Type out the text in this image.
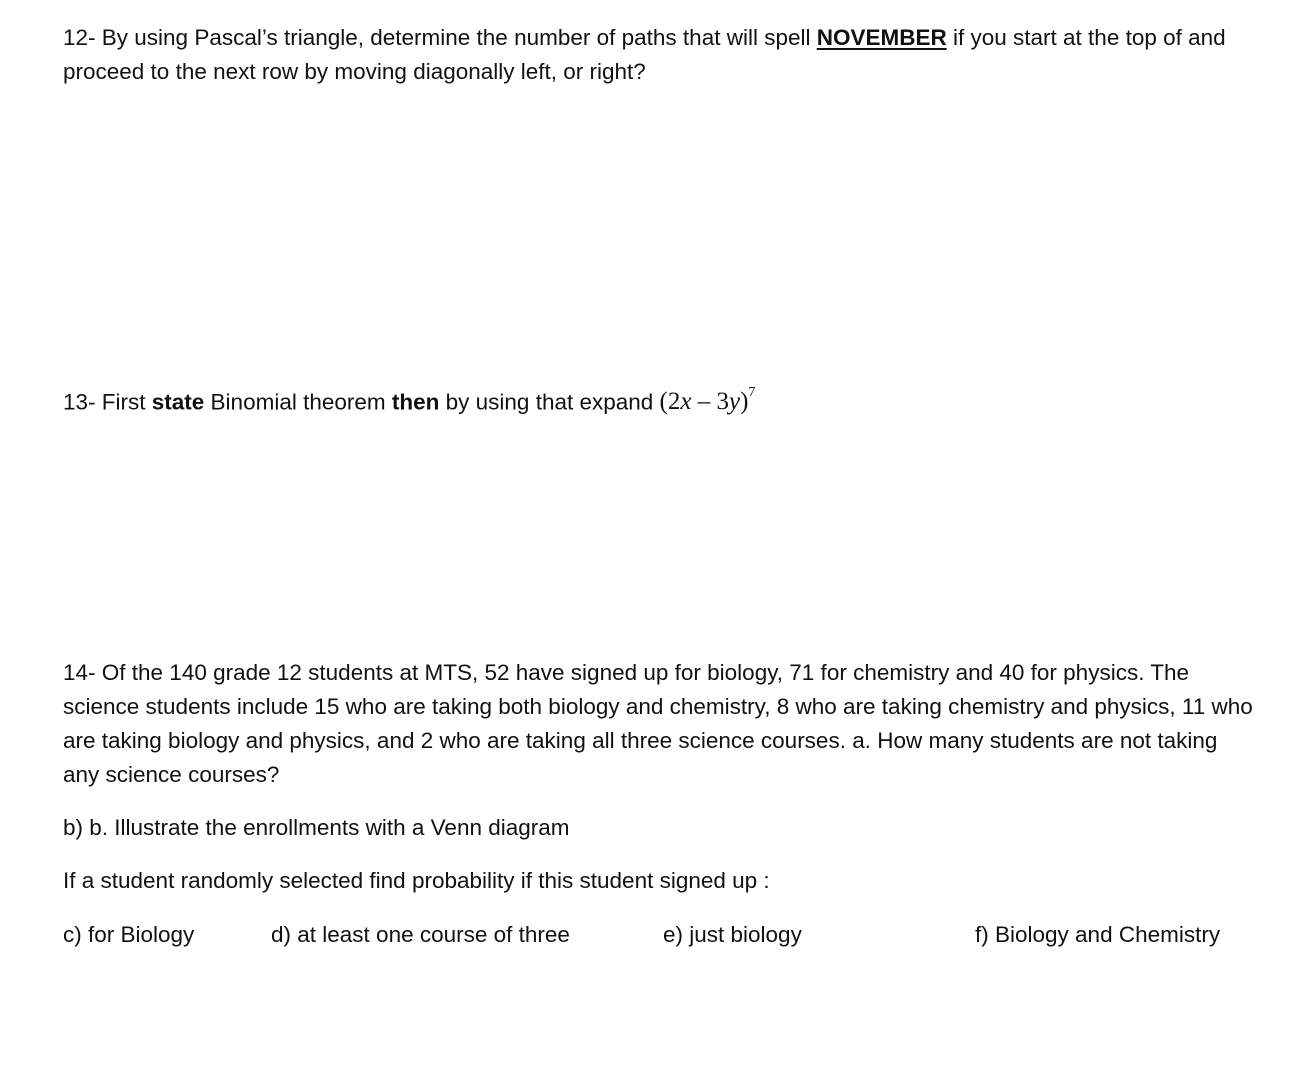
12- By using Pascal’s triangle, determine the number of paths that will spell NOVEMBER if you start at the top of and proceed to the next row by moving diagonally left, or right?
13- First state Binomial theorem then by using that expand (2x – 3y)$^7$
14- Of the 140 grade 12 students at MTS, 52 have signed up for biology, 71 for chemistry and 40 for physics. The science students include 15 who are taking both biology and chemistry, 8 who are taking chemistry and physics, 11 who are taking biology and physics, and 2 who are taking all three science courses. a. How many students are not taking any science courses?
b) b. Illustrate the enrollments with a Venn diagram
If a student randomly selected find probability if this student signed up :
c) for Biology	d) at least one course of three	e) just biology	f) Biology and Chemistry
